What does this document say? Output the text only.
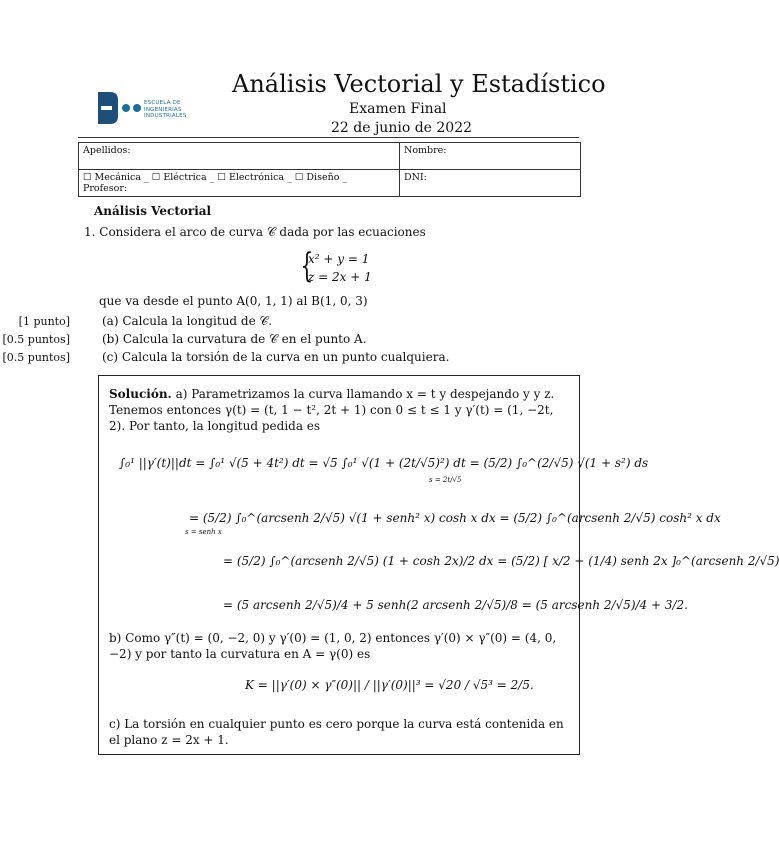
ESCUELA DE
INGENIERÍAS
INDUSTRIALES
Análisis Vectorial y Estadístico
Examen Final
22 de junio de 2022
Apellidos:	Nombre:

☐ Mecánica _ ☐ Eléctrica _ ☐ Electrónica _ ☐ Diseño _
Profesor:	DNI:
Análisis Vectorial
1. Considera el arco de curva 𝒞 dada por las ecuaciones
{
x² + y = 1
z = 2x + 1
que va desde el punto A(0, 1, 1) al B(1, 0, 3)
[1 punto]	(a) Calcula la longitud de 𝒞.
[0.5 puntos]	(b) Calcula la curvatura de 𝒞 en el punto A.
[0.5 puntos]	(c) Calcula la torsión de la curva en un punto cualquiera.
Solución. a) Parametrizamos la curva llamando x = t y despejando y y z. Tenemos entonces γ(t) = (t, 1 − t², 2t + 1) con 0 ≤ t ≤ 1 y γ′(t) = (1, −2t, 2). Por tanto, la longitud pedida es
∫₀¹ ||γ′(t)||dt = ∫₀¹ √(5 + 4t²) dt = √5 ∫₀¹ √(1 + (2t/√5)²) dt = (5/2) ∫₀^(2/√5) √(1 + s²) ds
s = 2t/√5
= (5/2) ∫₀^(arcsenh 2/√5) √(1 + senh² x) cosh x dx = (5/2) ∫₀^(arcsenh 2/√5) cosh² x dx
s = senh x
= (5/2) ∫₀^(arcsenh 2/√5) (1 + cosh 2x)/2 dx = (5/2) [ x/2 + (1/4) senh 2x ]₀^(arcsenh 2/√5)
= (5 arcsenh 2/√5)/4 + 5 senh(2 arcsenh 2/√5)/8 = (5 arcsenh 2/√5)/4 + 3/2.
b) Como γ″(t) = (0, −2, 0) y γ′(0) = (1, 0, 2) entonces γ′(0) × γ″(0) = (4, 0, −2) y por tanto la curvatura en A = γ(0) es
K = ||γ′(0) × γ″(0)|| / ||γ′(0)||³ = √20 / √5³ = 2/5.
c) La torsión en cualquier punto es cero porque la curva está contenida en el plano z = 2x + 1.
